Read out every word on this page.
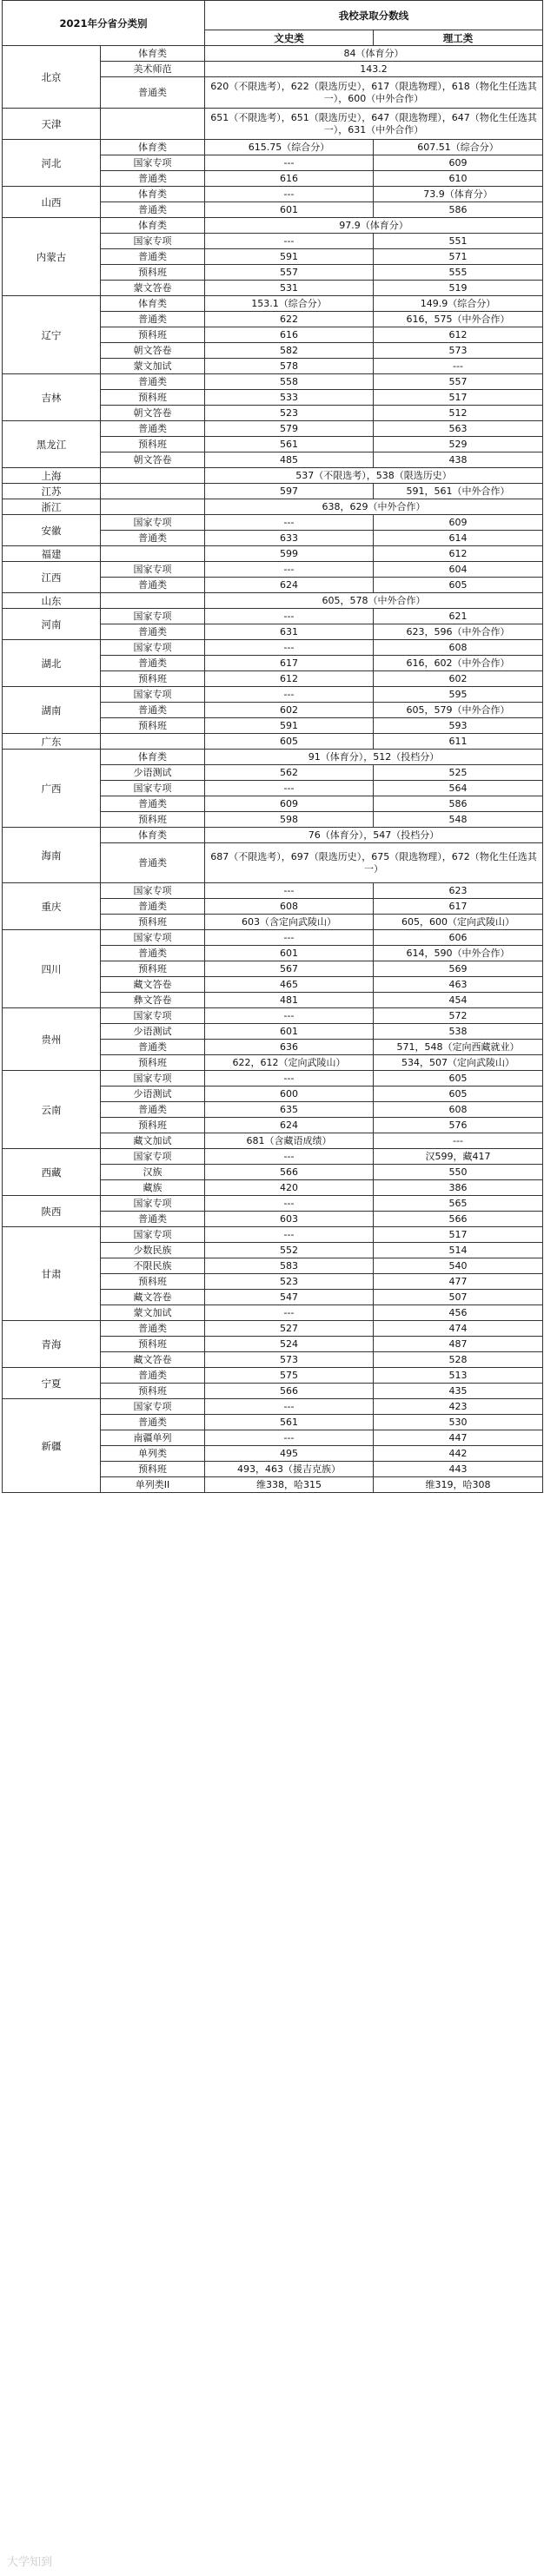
2021年分省分类别		我校录取分数线	
		文史类	理工类
北京	体育类	84（体育分）	
	美术师范	143.2	
	普通类	620（不限选考），622（限选历史），617（限选物理），618（物化生任选其一），600（中外合作）	
天津		651（不限选考），651（限选历史），647（限选物理），647（物化生任选其一），631（中外合作）	
河北	体育类	615.75（综合分）	607.51（综合分）
	国家专项	---	609
	普通类	616	610
山西	体育类	---	73.9（体育分）
	普通类	601	586
内蒙古	体育类	97.9（体育分）	
	国家专项	---	551
	普通类	591	571
	预科班	557	555
	蒙文答卷	531	519
辽宁	体育类	153.1（综合分）	149.9（综合分）
	普通类	622	616，575（中外合作）
	预科班	616	612
	朝文答卷	582	573
	蒙文加试	578	---
吉林	普通类	558	557
	预科班	533	517
	朝文答卷	523	512
黑龙江	普通类	579	563
	预科班	561	529
	朝文答卷	485	438
上海		537（不限选考），538（限选历史）	
江苏		597	591，561（中外合作）
浙江		638，629（中外合作）	
安徽	国家专项	---	609
	普通类	633	614
福建		599	612
江西	国家专项	---	604
	普通类	624	605
山东		605，578（中外合作）	
河南	国家专项	---	621
	普通类	631	623，596（中外合作）
湖北	国家专项	---	608
	普通类	617	616，602（中外合作）
	预科班	612	602
湖南	国家专项	---	595
	普通类	602	605，579（中外合作）
	预科班	591	593
广东		605	611
广西	体育类	91（体育分），512（投档分）	
	少语测试	562	525
	国家专项	---	564
	普通类	609	586
	预科班	598	548
海南	体育类	76（体育分），547（投档分）	
	普通类	687（不限选考），697（限选历史），675（限选物理），672（物化生任选其一）	
重庆	国家专项	---	623
	普通类	608	617
	预科班	603（含定向武陵山）	605，600（定向武陵山）
四川	国家专项	---	606
	普通类	601	614，590（中外合作）
	预科班	567	569
	藏文答卷	465	463
	彝文答卷	481	454
贵州	国家专项	---	572
	少语测试	601	538
	普通类	636	571，548（定向西藏就业）
	预科班	622，612（定向武陵山）	534，507（定向武陵山）
云南	国家专项	---	605
	少语测试	600	605
	普通类	635	608
	预科班	624	576
	藏文加试	681（含藏语成绩）	---
西藏	国家专项	---	汉599，藏417
	汉族	566	550
	藏族	420	386
陕西	国家专项	---	565
	普通类	603	566
甘肃	国家专项	---	517
	少数民族	552	514
	不限民族	583	540
	预科班	523	477
	藏文答卷	547	507
	蒙文加试	---	456
青海	普通类	527	474
	预科班	524	487
	藏文答卷	573	528
宁夏	普通类	575	513
	预科班	566	435
新疆	国家专项	---	423
	普通类	561	530
	南疆单列	---	447
	单列类	495	442
	预科班	493，463（援吉克族）	443
	单列类II	维338，哈315	维319，哈308
大学知到
